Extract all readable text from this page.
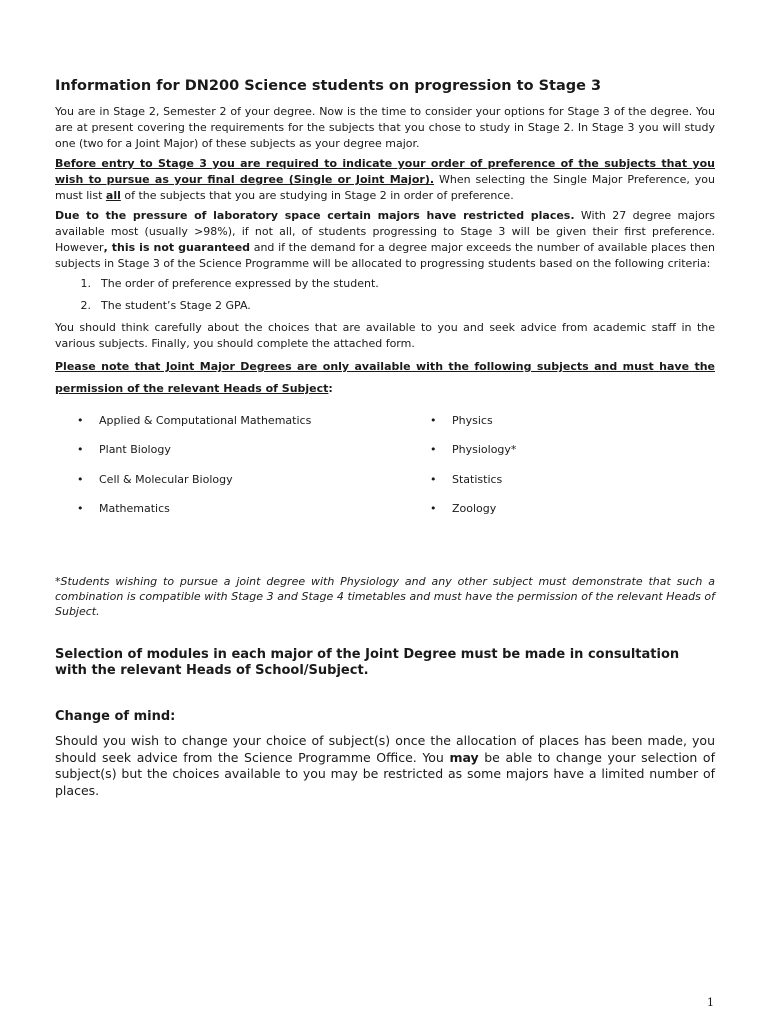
Information for DN200 Science students on progression to Stage 3

You are in Stage 2, Semester 2 of your degree. Now is the time to consider your options for Stage 3 of the degree. You are at present covering the requirements for the subjects that you chose to study in Stage 2. In Stage 3 you will study one (two for a Joint Major) of these subjects as your degree major.

Before entry to Stage 3 you are required to indicate your order of preference of the subjects that you wish to pursue as your final degree (Single or Joint Major). When selecting the Single Major Preference, you must list all of the subjects that you are studying in Stage 2 in order of preference.

Due to the pressure of laboratory space certain majors have restricted places. With 27 degree majors available most (usually >98%), if not all, of students progressing to Stage 3 will be given their first preference. However, this is not guaranteed and if the demand for a degree major exceeds the number of available places then subjects in Stage 3 of the Science Programme will be allocated to progressing students based on the following criteria:

1. The order of preference expressed by the student.
2. The student’s Stage 2 GPA.

You should think carefully about the choices that are available to you and seek advice from academic staff in the various subjects. Finally, you should complete the attached form.

Please note that Joint Major Degrees are only available with the following subjects and must have the permission of the relevant Heads of Subject:

• Applied & Computational Mathematics
• Plant Biology
• Cell & Molecular Biology
• Mathematics
• Physics
• Physiology*
• Statistics
• Zoology

*Students wishing to pursue a joint degree with Physiology and any other subject must demonstrate that such a combination is compatible with Stage 3 and Stage 4 timetables and must have the permission of the relevant Heads of Subject.

Selection of modules in each major of the Joint Degree must be made in consultation with the relevant Heads of School/Subject.

Change of mind:

Should you wish to change your choice of subject(s) once the allocation of places has been made, you should seek advice from the Science Programme Office. You may be able to change your selection of subject(s) but the choices available to you may be restricted as some majors have a limited number of places.

1
